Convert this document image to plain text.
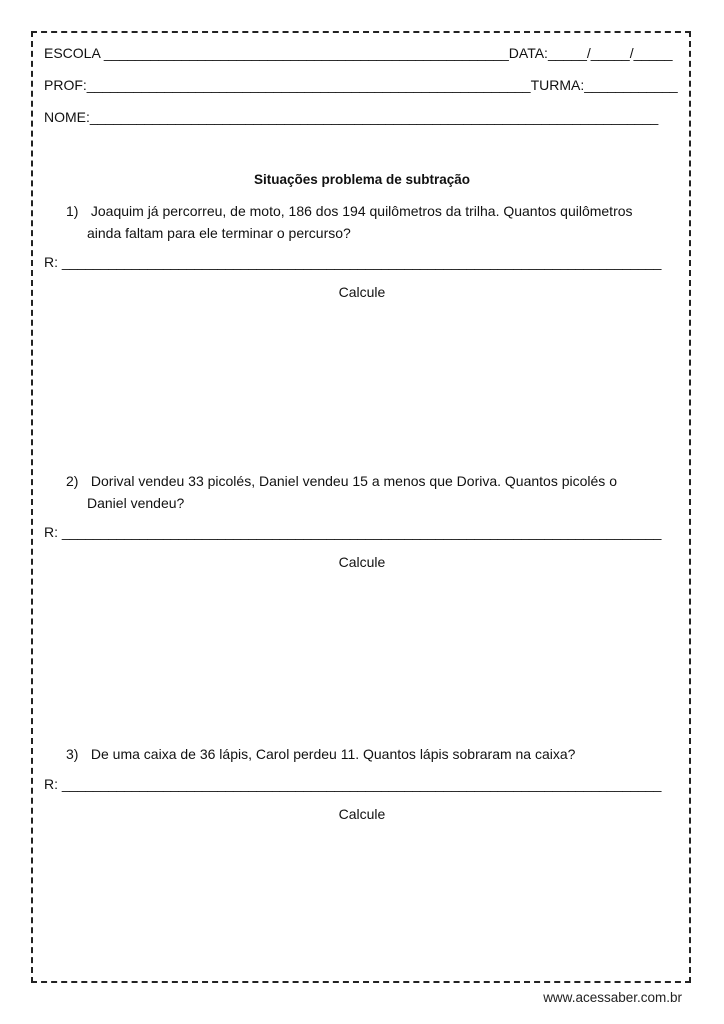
ESCOLA ____________________________________________________DATA:_____/_____/_____
PROF:_________________________________________________________TURMA:____________
NOME:_________________________________________________________________________
Situações problema de subtração
1) Joaquim já percorreu, de moto, 186 dos 194 quilômetros da trilha. Quantos quilômetros
ainda faltam para ele terminar o percurso?
R: _____________________________________________________________________________
Calcule
2) Dorival vendeu 33 picolés, Daniel vendeu 15 a menos que Doriva. Quantos picolés o
Daniel vendeu?
R: _____________________________________________________________________________
Calcule
3) De uma caixa de 36 lápis, Carol perdeu 11. Quantos lápis sobraram na caixa?
R: _____________________________________________________________________________
Calcule
www.acessaber.com.br
